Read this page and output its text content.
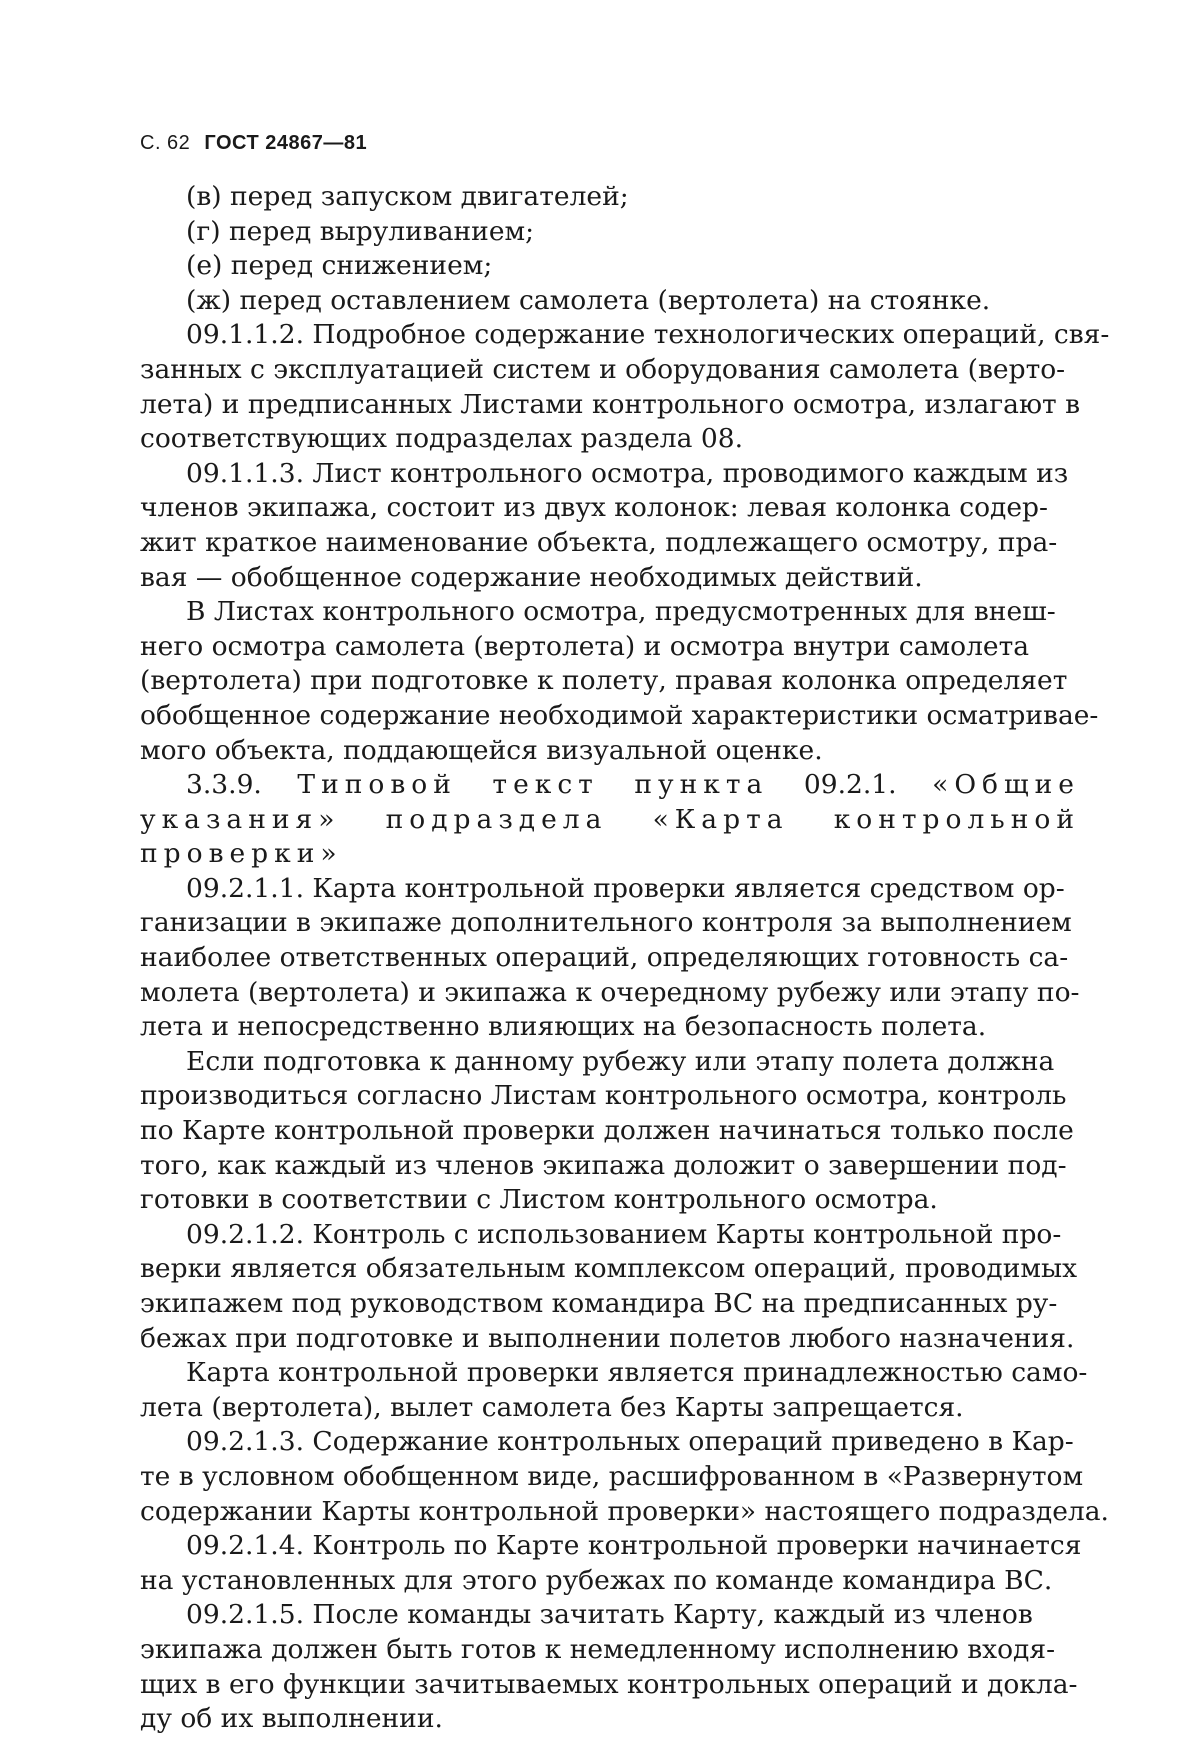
С. 62 ГОСТ 24867—81
(в) перед запуском двигателей;
(г) перед выруливанием;
(е) перед снижением;
(ж) перед оставлением самолета (вертолета) на стоянке.
09.1.1.2. Подробное содержание технологических операций, свя-
занных с эксплуатацией систем и оборудования самолета (верто-
лета) и предписанных Листами контрольного осмотра, излагают в
соответствующих подразделах раздела 08.
09.1.1.3. Лист контрольного осмотра, проводимого каждым из
членов экипажа, состоит из двух колонок: левая колонка содер-
жит краткое наименование объекта, подлежащего осмотру, пра-
вая — обобщенное содержание необходимых действий.
В Листах контрольного осмотра, предусмотренных для внеш-
него осмотра самолета (вертолета) и осмотра внутри самолета
(вертолета) при подготовке к полету, правая колонка определяет
обобщенное содержание необходимой характеристики осматривае-
мого объекта, поддающейся визуальной оценке.
3.3.9. Типовой текст пункта 09.2.1. «Общие
указания» подраздела «Карта контрольной
проверки»
09.2.1.1. Карта контрольной проверки является средством ор-
ганизации в экипаже дополнительного контроля за выполнением
наиболее ответственных операций, определяющих готовность са-
молета (вертолета) и экипажа к очередному рубежу или этапу по-
лета и непосредственно влияющих на безопасность полета.
Если подготовка к данному рубежу или этапу полета должна
производиться согласно Листам контрольного осмотра, контроль
по Карте контрольной проверки должен начинаться только после
того, как каждый из членов экипажа доложит о завершении под-
готовки в соответствии с Листом контрольного осмотра.
09.2.1.2. Контроль с использованием Карты контрольной про-
верки является обязательным комплексом операций, проводимых
экипажем под руководством командира ВС на предписанных ру-
бежах при подготовке и выполнении полетов любого назначения.
Карта контрольной проверки является принадлежностью само-
лета (вертолета), вылет самолета без Карты запрещается.
09.2.1.3. Содержание контрольных операций приведено в Кар-
те в условном обобщенном виде, расшифрованном в «Развернутом
содержании Карты контрольной проверки» настоящего подраздела.
09.2.1.4. Контроль по Карте контрольной проверки начинается
на установленных для этого рубежах по команде командира ВС.
09.2.1.5. После команды зачитать Карту, каждый из членов
экипажа должен быть готов к немедленному исполнению входя-
щих в его функции зачитываемых контрольных операций и докла-
ду об их выполнении.
